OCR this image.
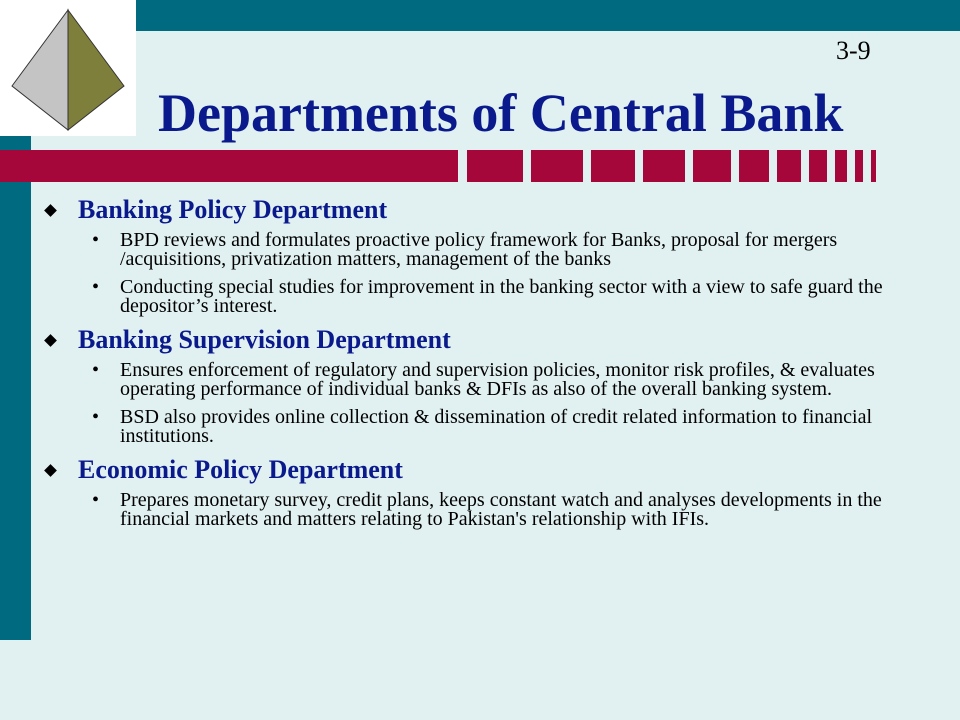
3-9
Departments of Central Bank
Banking Policy Department
• BPD reviews and formulates proactive policy framework for Banks, proposal for mergers /acquisitions, privatization matters, management of the banks
• Conducting special studies for improvement in the banking sector with a view to safe guard the depositor’s interest.
Banking Supervision Department
• Ensures enforcement of regulatory and supervision policies, monitor risk profiles, & evaluates operating performance of individual banks & DFIs as also of the overall banking system.
• BSD also provides online collection & dissemination of credit related information to financial institutions.
Economic Policy Department
• Prepares monetary survey, credit plans, keeps constant watch and analyses developments in the financial markets and matters relating to Pakistan's relationship with IFIs.
